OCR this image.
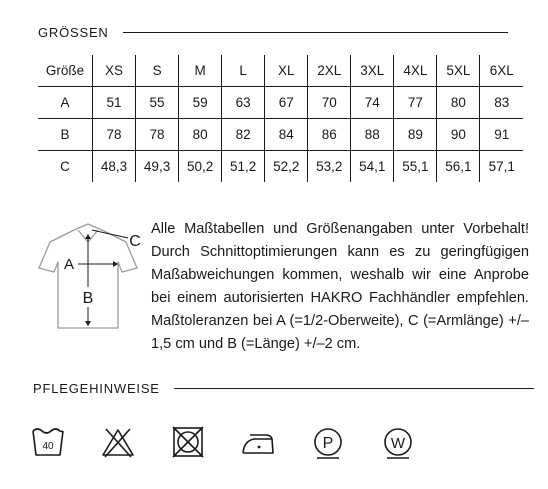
GRÖSSEN
Größe	XS	S	M	L	XL	2XL	3XL	4XL	5XL	6XL
A	51	55	59	63	67	70	74	77	80	83
B	78	78	80	82	84	86	88	89	90	91
C	48,3	49,3	50,2	51,2	52,2	53,2	54,1	55,1	56,1	57,1
A
B
C

Alle Maßtabellen und Größenangaben unter Vorbehalt! Durch Schnittoptimierungen kann es zu geringfügigen Maßabweichungen kommen, weshalb wir eine Anprobe bei einem autorisierten HAKRO Fachhändler empfehlen. Maßtoleranzen bei A (=1/2-Oberweite), C (=Armlänge) +/–1,5 cm und B (=Länge) +/–2 cm.

PFLEGEHINWEISE
40	P	W
